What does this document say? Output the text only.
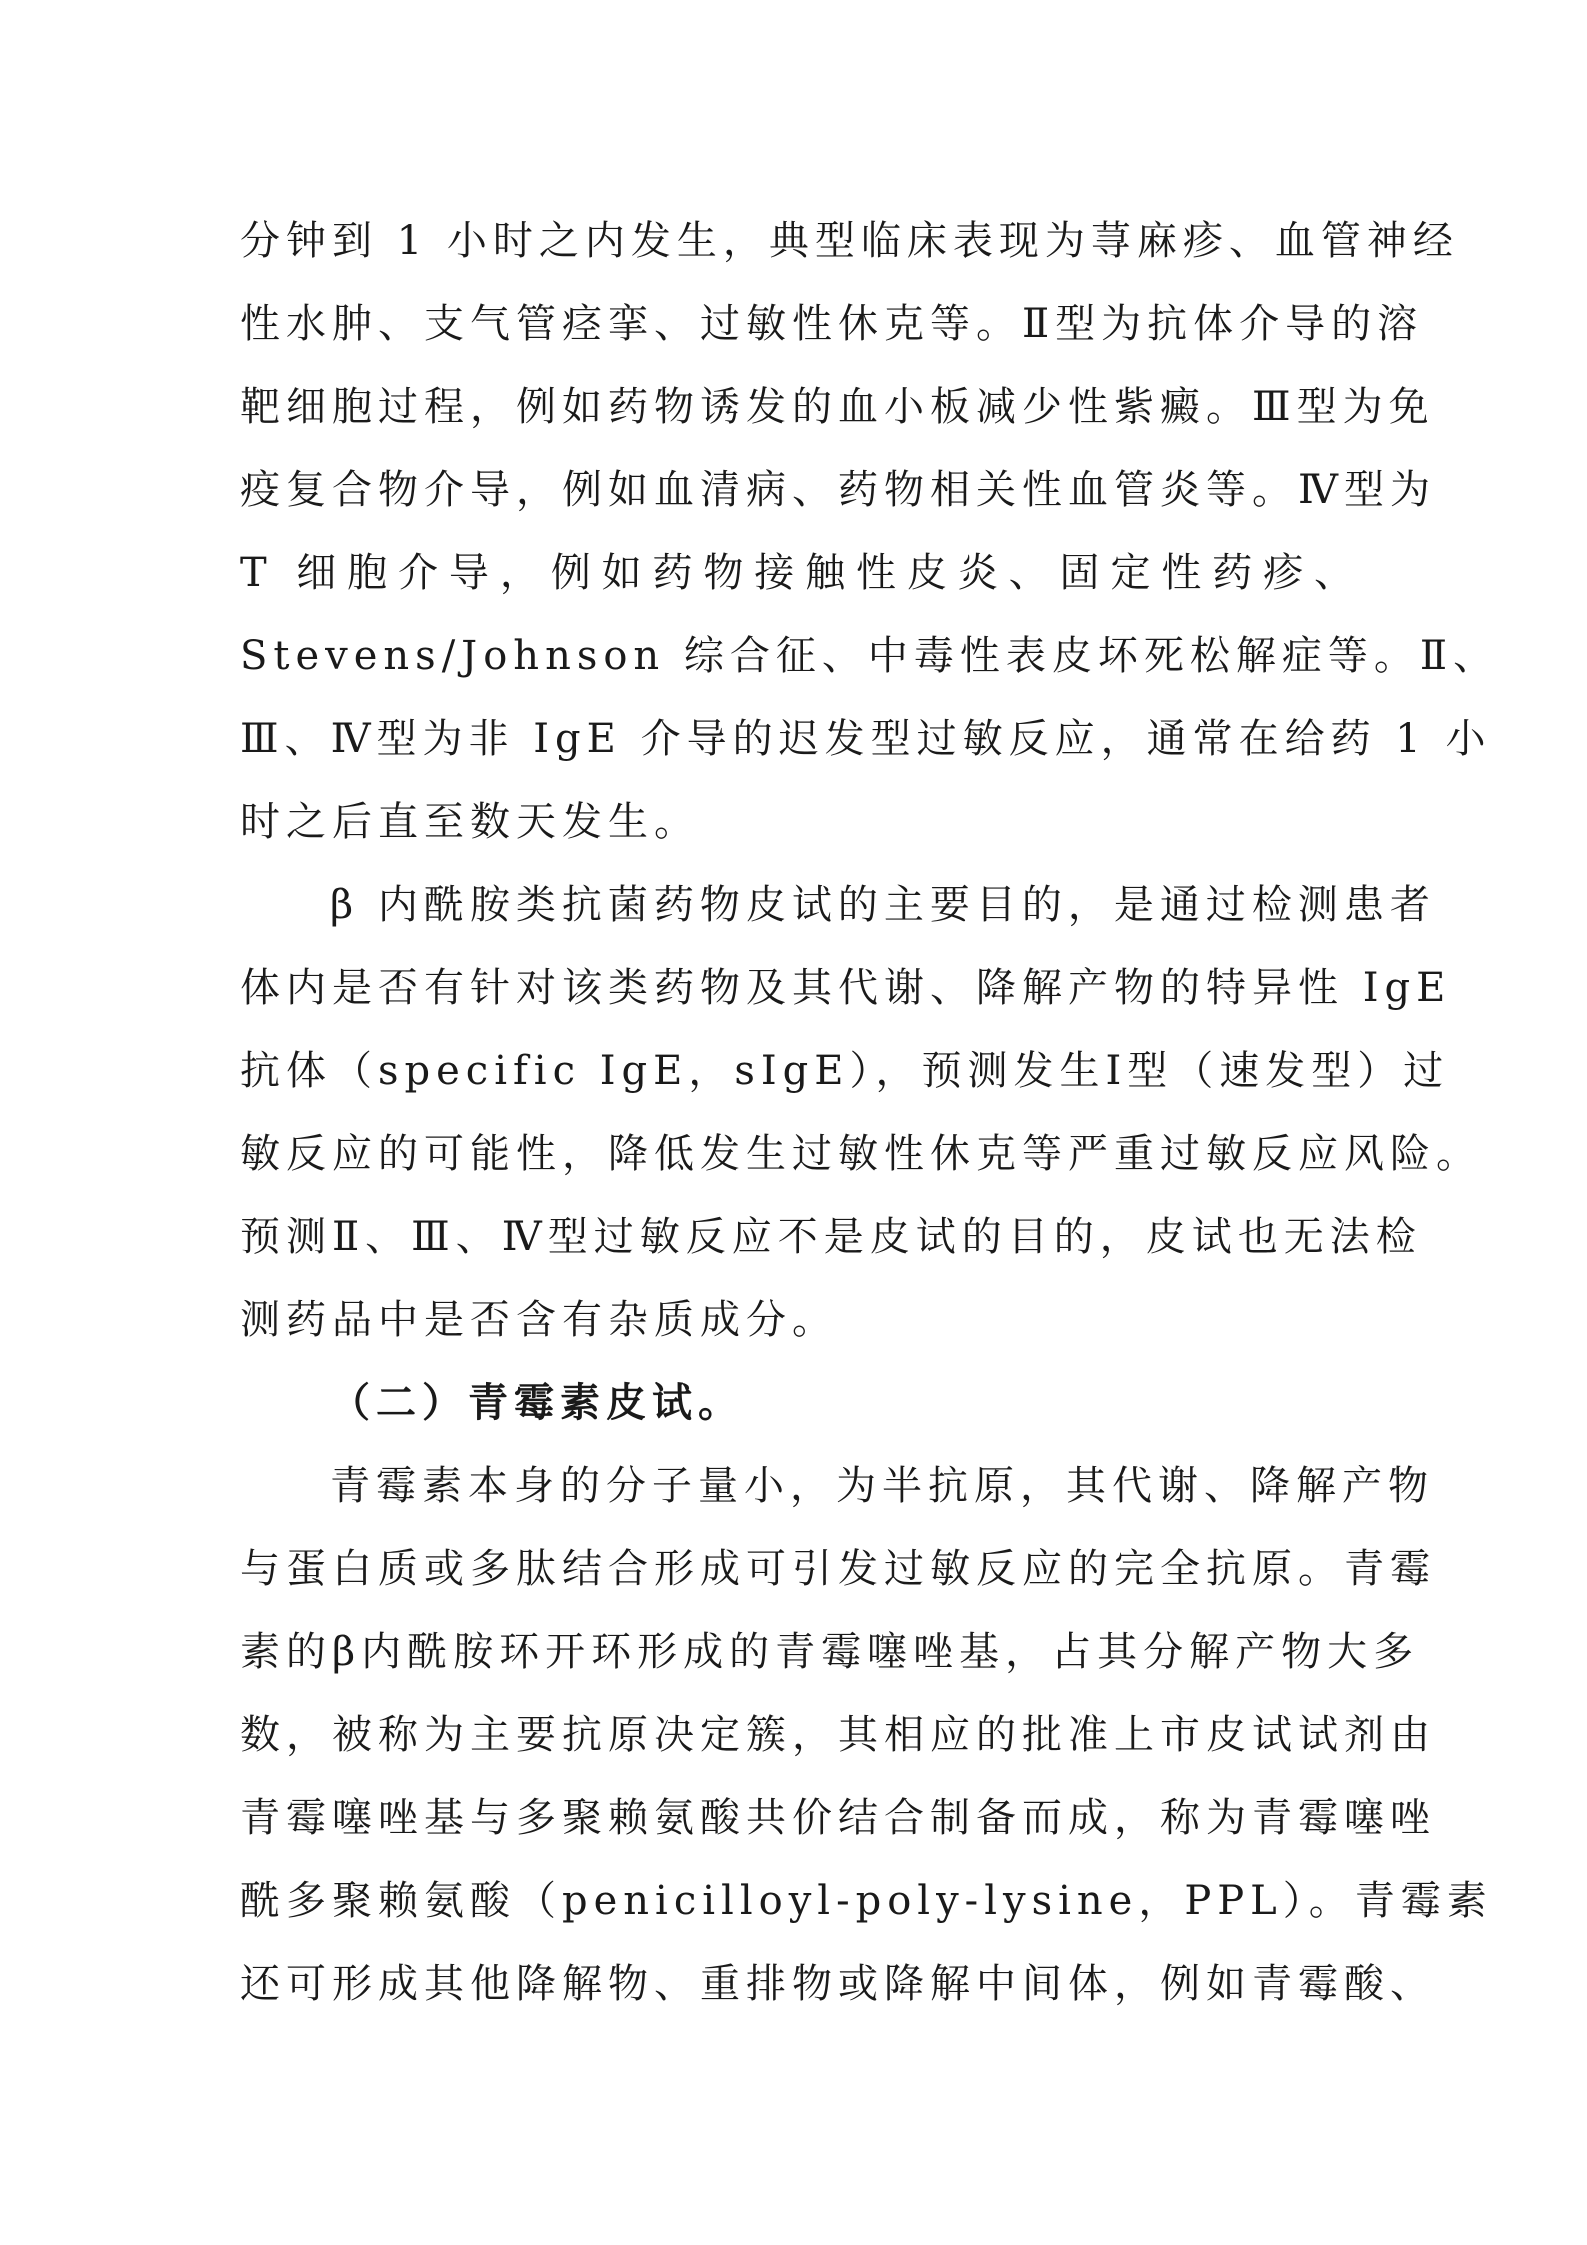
分钟到 1 小时之内发生，典型临床表现为荨麻疹、血管神经
性水肿、支气管痉挛、过敏性休克等。Ⅱ型为抗体介导的溶
靶细胞过程，例如药物诱发的血小板减少性紫癜。Ⅲ型为免
疫复合物介导，例如血清病、药物相关性血管炎等。Ⅳ型为
T 细胞介导，例如药物接触性皮炎、固定性药疹、
Stevens/Johnson 综合征、中毒性表皮坏死松解症等。Ⅱ、
Ⅲ、Ⅳ型为非 IgE 介导的迟发型过敏反应，通常在给药 1 小
时之后直至数天发生。
β 内酰胺类抗菌药物皮试的主要目的，是通过检测患者
体内是否有针对该类药物及其代谢、降解产物的特异性 IgE
抗体（specific IgE，sIgE），预测发生Ⅰ型（速发型）过
敏反应的可能性，降低发生过敏性休克等严重过敏反应风险。
预测Ⅱ、Ⅲ、Ⅳ型过敏反应不是皮试的目的，皮试也无法检
测药品中是否含有杂质成分。
（二）青霉素皮试。
青霉素本身的分子量小，为半抗原，其代谢、降解产物
与蛋白质或多肽结合形成可引发过敏反应的完全抗原。青霉
素的β内酰胺环开环形成的青霉噻唑基，占其分解产物大多
数，被称为主要抗原决定簇，其相应的批准上市皮试试剂由
青霉噻唑基与多聚赖氨酸共价结合制备而成，称为青霉噻唑
酰多聚赖氨酸（penicilloyl-poly-lysine，PPL）。青霉素
还可形成其他降解物、重排物或降解中间体，例如青霉酸、
